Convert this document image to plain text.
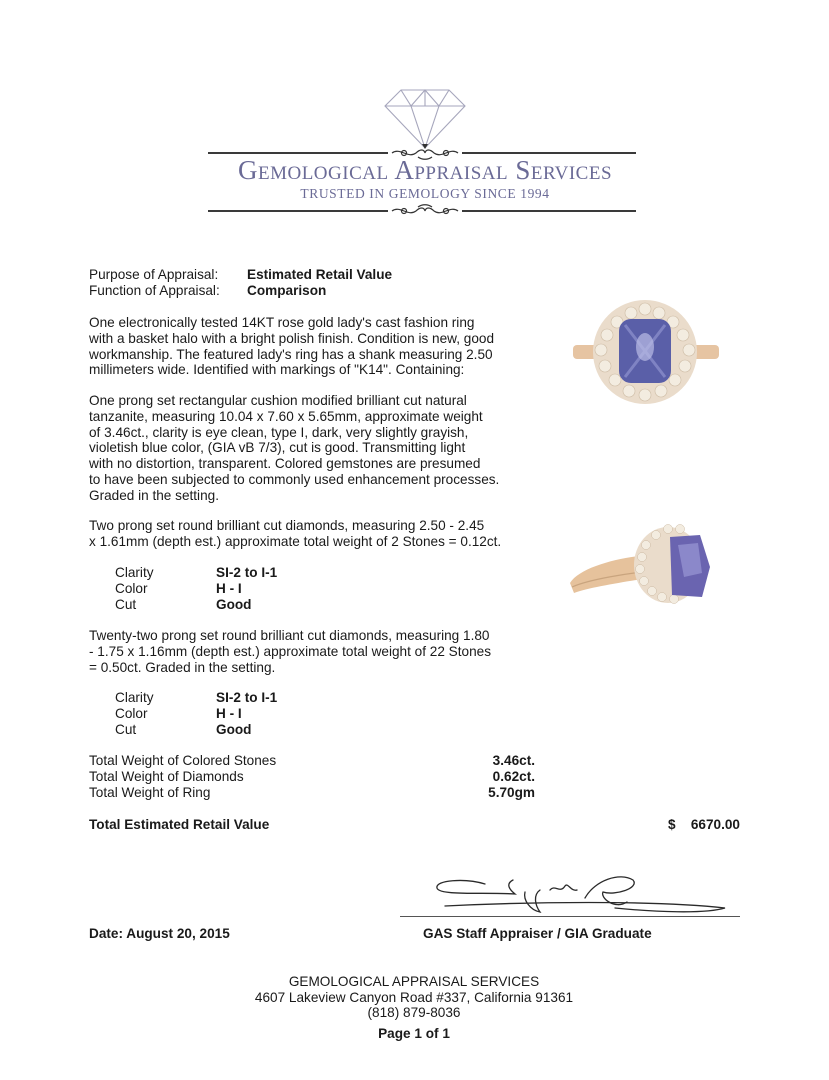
Gemological Appraisal Services
TRUSTED IN GEMOLOGY SINCE 1994
Purpose of Appraisal: Estimated Retail Value
Function of Appraisal: Comparison
One electronically tested 14KT rose gold lady's cast fashion ring
with a basket halo with a bright polish finish. Condition is new, good
workmanship. The featured lady's ring has a shank measuring 2.50
millimeters wide. Identified with markings of "K14". Containing:
One prong set rectangular cushion modified brilliant cut natural
tanzanite, measuring 10.04 x 7.60 x 5.65mm, approximate weight
of 3.46ct., clarity is eye clean, type I, dark, very slightly grayish,
violetish blue color, (GIA vB 7/3), cut is good. Transmitting light
with no distortion, transparent. Colored gemstones are presumed
to have been subjected to commonly used enhancement processes.
Graded in the setting.
Two prong set round brilliant cut diamonds, measuring 2.50 - 2.45
x 1.61mm (depth est.) approximate total weight of 2 Stones = 0.12ct.
Clarity	SI-2 to I-1
Color	H - I
Cut	Good
Twenty-two prong set round brilliant cut diamonds, measuring 1.80
- 1.75 x 1.16mm (depth est.) approximate total weight of 22 Stones
= 0.50ct. Graded in the setting.
Clarity	SI-2 to I-1
Color	H - I
Cut	Good
Total Weight of Colored Stones	3.46ct.
Total Weight of Diamonds	0.62ct.
Total Weight of Ring	5.70gm
Total Estimated Retail Value	$ 6670.00
Date: August 20, 2015	GAS Staff Appraiser / GIA Graduate
GEMOLOGICAL APPRAISAL SERVICES
4607 Lakeview Canyon Road #337, California 91361
(818) 879-8036
Page 1 of 1
